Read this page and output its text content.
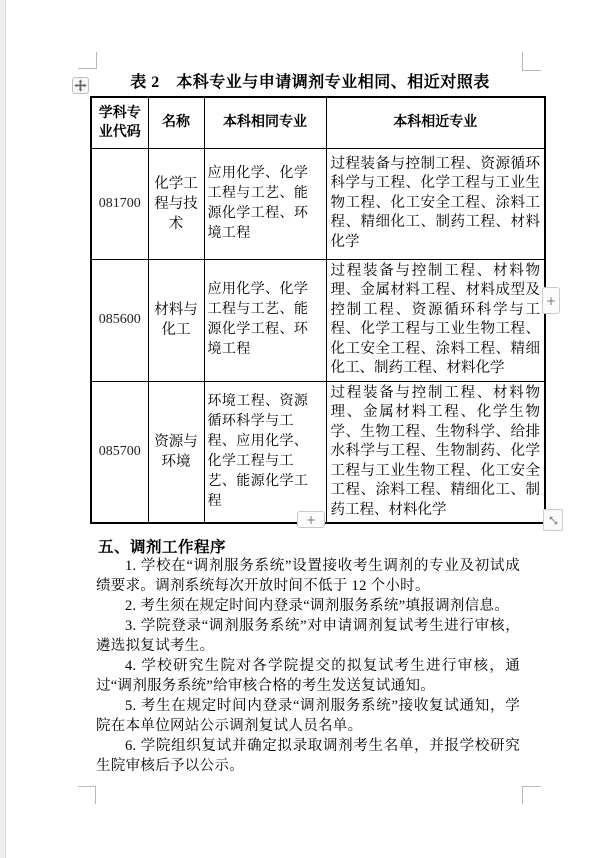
表 2　本科专业与申请调剂专业相同、相近对照表
学科专业代码	名称	本科相同专业	本科相近专业
081700	化学工程与技术	应用化学、化学工程与工艺、能源化学工程、环境工程	过程装备与控制工程、资源循环科学与工程、化学工程与工业生物工程、化工安全工程、涂料工程、精细化工、制药工程、材料化学
085600	材料与化工	应用化学、化学工程与工艺、能源化学工程、环境工程	过程装备与控制工程、材料物理、金属材料工程、材料成型及控制工程、资源循环科学与工程、化学工程与工业生物工程、化工安全工程、涂料工程、精细化工、制药工程、材料化学
085700	资源与环境	环境工程、资源循环科学与工程、应用化学、化学工程与工艺、能源化学工程	过程装备与控制工程、材料物理、金属材料工程、化学生物学、生物工程、生物科学、给排水科学与工程、生物制药、化学工程与工业生物工程、化工安全工程、涂料工程、精细化工、制药工程、材料化学
+
+
五、调剂工作程序

1. 学校在“调剂服务系统”设置接收考生调剂的专业及初试成绩要求。调剂系统每次开放时间不低于 12 个小时。

2. 考生须在规定时间内登录“调剂服务系统”填报调剂信息。

3. 学院登录“调剂服务系统”对申请调剂复试考生进行审核，遴选拟复试考生。

4. 学校研究生院对各学院提交的拟复试考生进行审核，通过“调剂服务系统”给审核合格的考生发送复试通知。

5. 考生在规定时间内登录“调剂服务系统”接收复试通知，学院在本单位网站公示调剂复试人员名单。

6. 学院组织复试并确定拟录取调剂考生名单，并报学校研究生院审核后予以公示。
